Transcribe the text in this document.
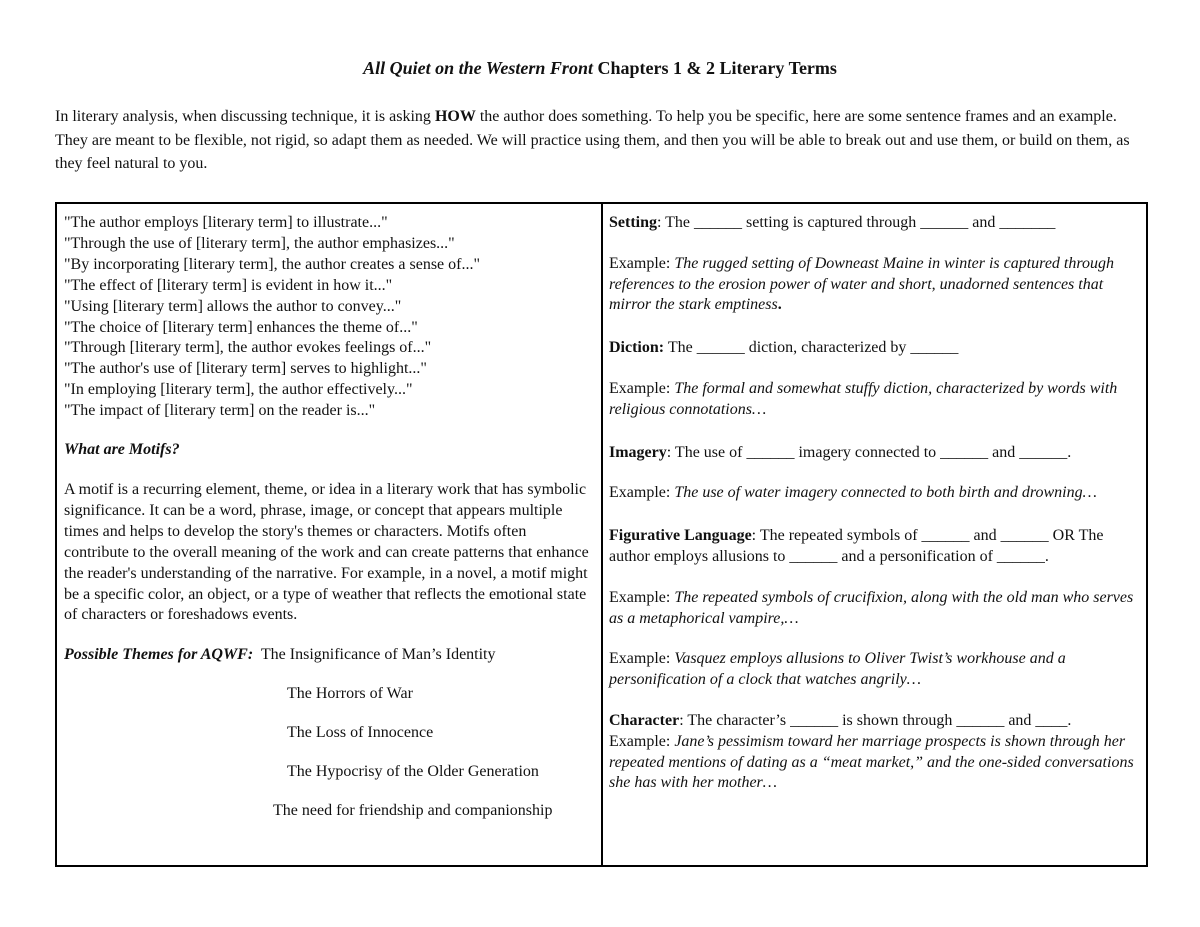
All Quiet on the Western Front Chapters 1 & 2 Literary Terms
In literary analysis, when discussing technique, it is asking HOW the author does something. To help you be specific, here are some sentence frames and an example. They are meant to be flexible, not rigid, so adapt them as needed. We will practice using them, and then you will be able to break out and use them, or build on them, as they feel natural to you.
"The author employs [literary term] to illustrate..."
"Through the use of [literary term], the author emphasizes..."
"By incorporating [literary term], the author creates a sense of..."
"The effect of [literary term] is evident in how it..."
"Using [literary term] allows the author to convey..."
"The choice of [literary term] enhances the theme of..."
"Through [literary term], the author evokes feelings of..."
"The author's use of [literary term] serves to highlight..."
"In employing [literary term], the author effectively..."
"The impact of [literary term] on the reader is..."
What are Motifs?
A motif is a recurring element, theme, or idea in a literary work that has symbolic significance. It can be a word, phrase, image, or concept that appears multiple times and helps to develop the story's themes or characters. Motifs often contribute to the overall meaning of the work and can create patterns that enhance the reader's understanding of the narrative. For example, in a novel, a motif might be a specific color, an object, or a type of weather that reflects the emotional state of characters or foreshadows events.
Possible Themes for AQWF: The Insignificance of Man’s Identity
The Horrors of War
The Loss of Innocence
The Hypocrisy of the Older Generation
The need for friendship and companionship
Setting: The ______ setting is captured through ______ and _______
Example: The rugged setting of Downeast Maine in winter is captured through references to the erosion power of water and short, unadorned sentences that mirror the stark emptiness.
Diction: The ______ diction, characterized by ______
Example: The formal and somewhat stuffy diction, characterized by words with religious connotations…
Imagery: The use of ______ imagery connected to ______ and ______.
Example: The use of water imagery connected to both birth and drowning…
Figurative Language: The repeated symbols of ______ and ______ OR The author employs allusions to ______ and a personification of ______.
Example: The repeated symbols of crucifixion, along with the old man who serves as a metaphorical vampire,…
Example: Vasquez employs allusions to Oliver Twist’s workhouse and a personification of a clock that watches angrily…
Character: The character’s ______ is shown through ______ and ____.
Example: Jane’s pessimism toward her marriage prospects is shown through her repeated mentions of dating as a “meat market,” and the one-sided conversations she has with her mother…
